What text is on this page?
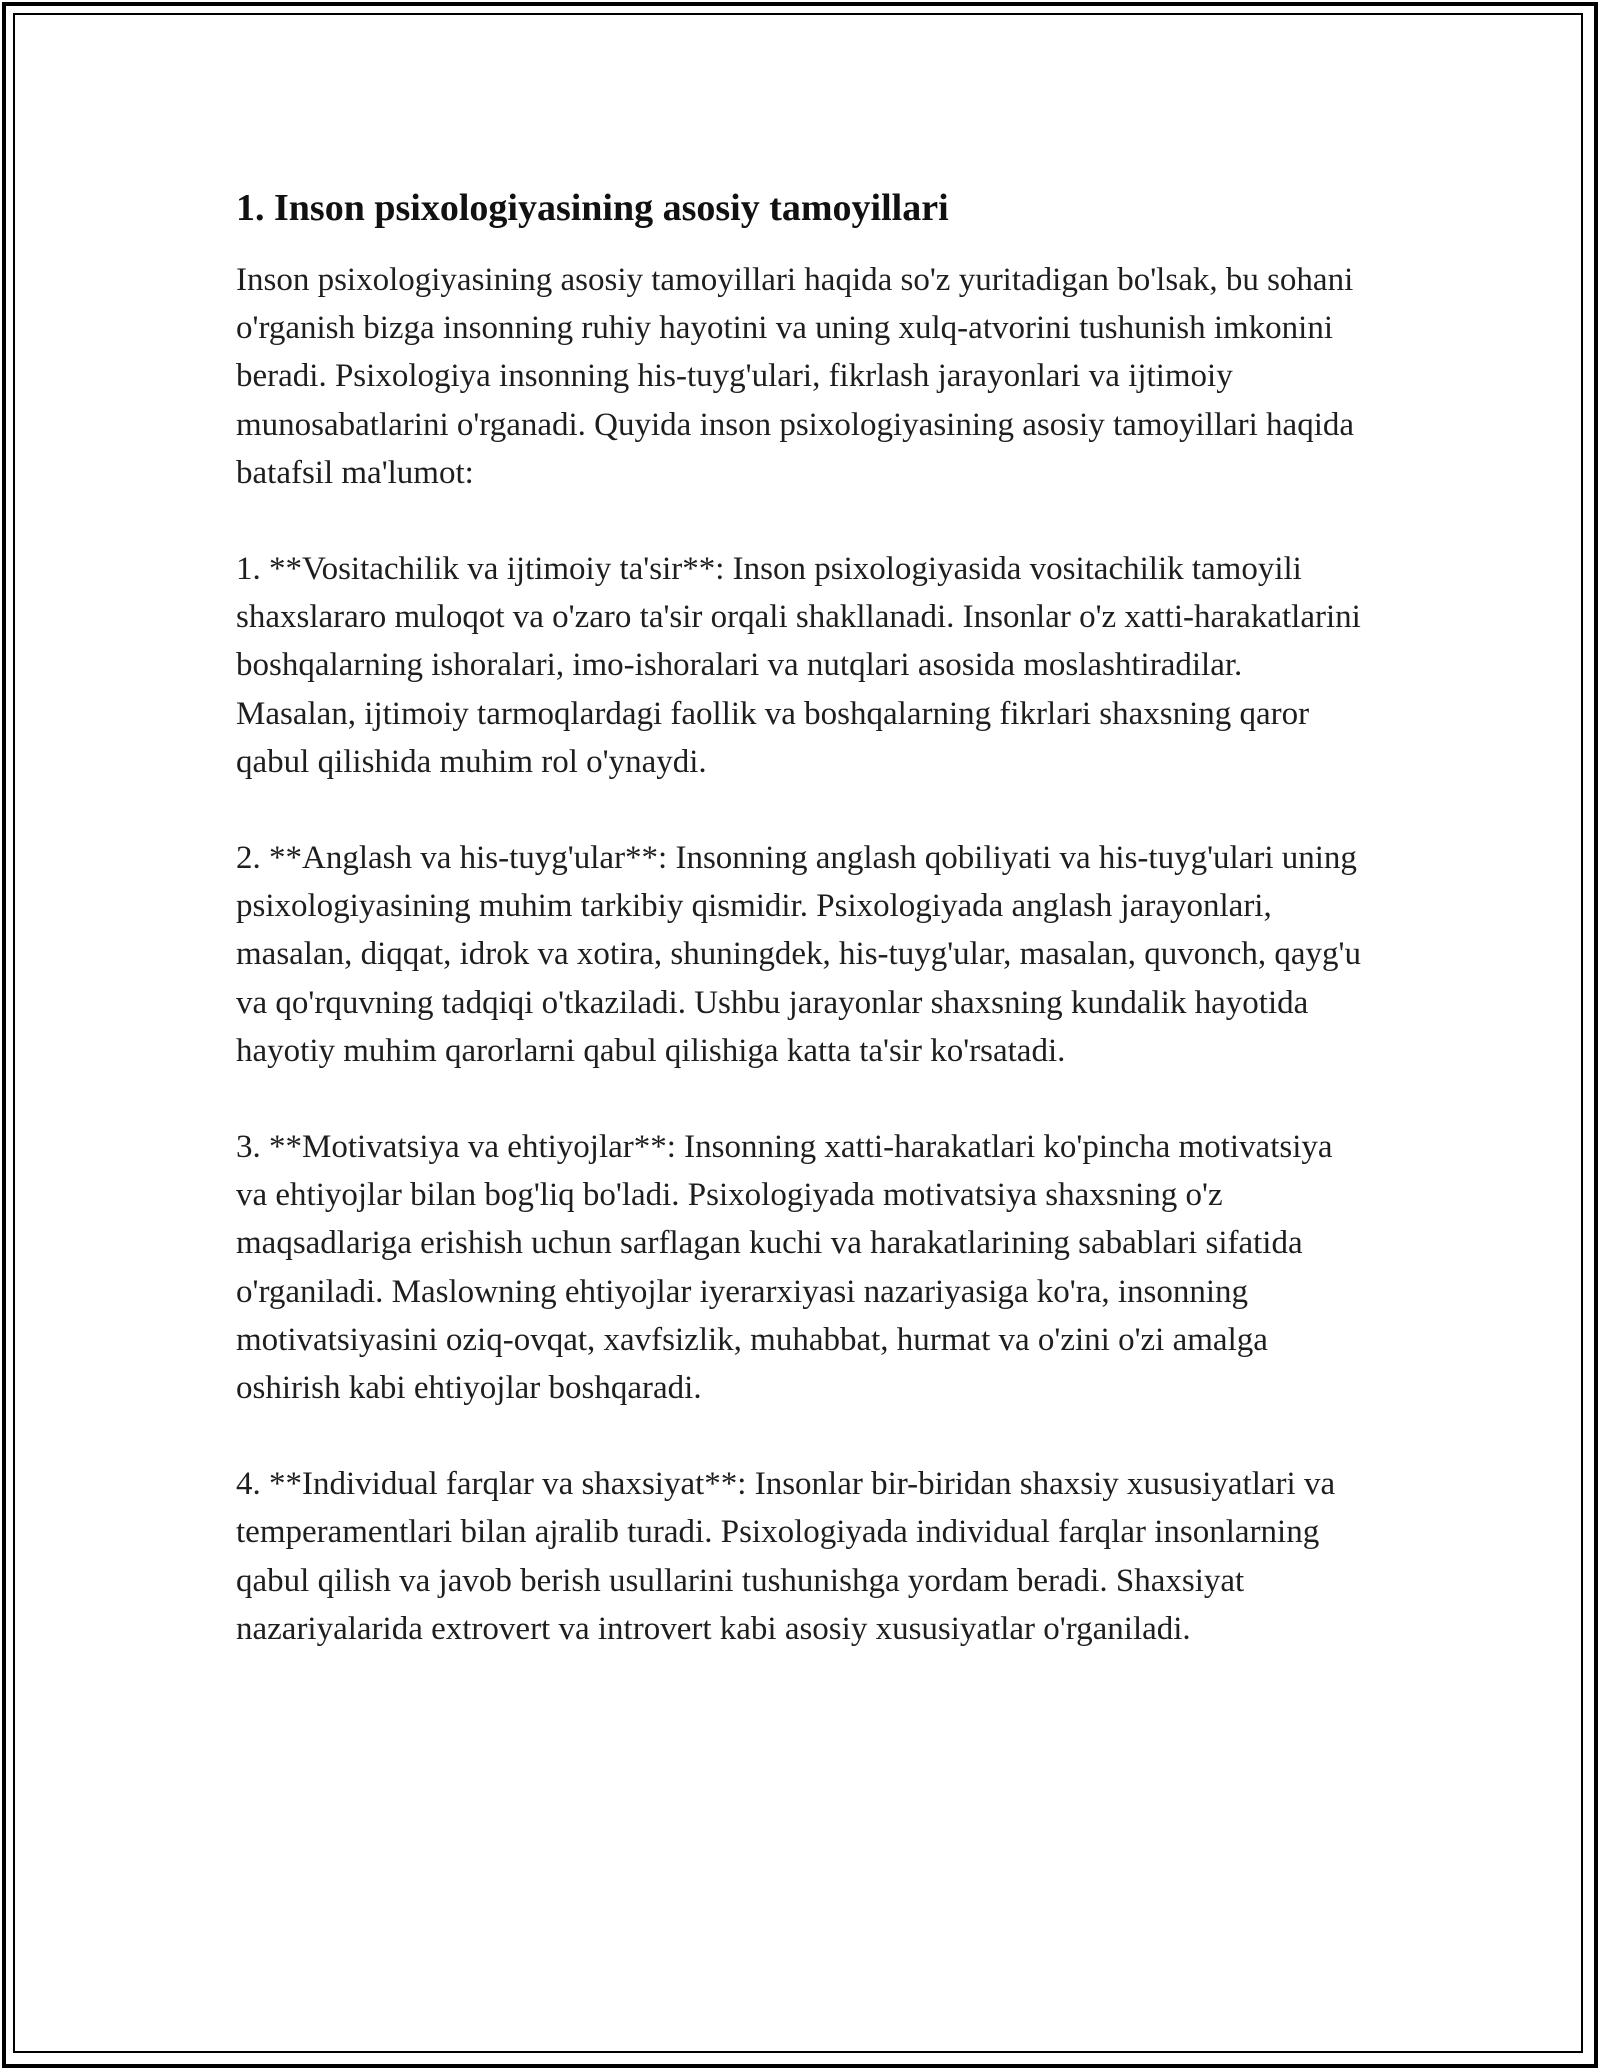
1. Inson psixologiyasining asosiy tamoyillari

Inson psixologiyasining asosiy tamoyillari haqida so'z yuritadigan bo'lsak, bu sohani o'rganish bizga insonning ruhiy hayotini va uning xulq-atvorini tushunish imkonini beradi. Psixologiya insonning his-tuyg'ulari, fikrlash jarayonlari va ijtimoiy munosabatlarini o'rganadi. Quyida inson psixologiyasining asosiy tamoyillari haqida batafsil ma'lumot:

1. **Vositachilik va ijtimoiy ta'sir**: Inson psixologiyasida vositachilik tamoyili shaxslararo muloqot va o'zaro ta'sir orqali shakllanadi. Insonlar o'z xatti-harakatlarini boshqalarning ishoralari, imo-ishoralari va nutqlari asosida moslashtiradilar. Masalan, ijtimoiy tarmoqlardagi faollik va boshqalarning fikrlari shaxsning qaror qabul qilishida muhim rol o'ynaydi.

2. **Anglash va his-tuyg'ular**: Insonning anglash qobiliyati va his-tuyg'ulari uning psixologiyasining muhim tarkibiy qismidir. Psixologiyada anglash jarayonlari, masalan, diqqat, idrok va xotira, shuningdek, his-tuyg'ular, masalan, quvonch, qayg'u va qo'rquvning tadqiqi o'tkaziladi. Ushbu jarayonlar shaxsning kundalik hayotida hayotiy muhim qarorlarni qabul qilishiga katta ta'sir ko'rsatadi.

3. **Motivatsiya va ehtiyojlar**: Insonning xatti-harakatlari ko'pincha motivatsiya va ehtiyojlar bilan bog'liq bo'ladi. Psixologiyada motivatsiya shaxsning o'z maqsadlariga erishish uchun sarflagan kuchi va harakatlarining sabablari sifatida o'rganiladi. Maslowning ehtiyojlar iyerarxiyasi nazariyasiga ko'ra, insonning motivatsiyasini oziq-ovqat, xavfsizlik, muhabbat, hurmat va o'zini o'zi amalga oshirish kabi ehtiyojlar boshqaradi.

4. **Individual farqlar va shaxsiyat**: Insonlar bir-biridan shaxsiy xususiyatlari va temperamentlari bilan ajralib turadi. Psixologiyada individual farqlar insonlarning qabul qilish va javob berish usullarini tushunishga yordam beradi. Shaxsiyat nazariyalarida extrovert va introvert kabi asosiy xususiyatlar o'rganiladi.
